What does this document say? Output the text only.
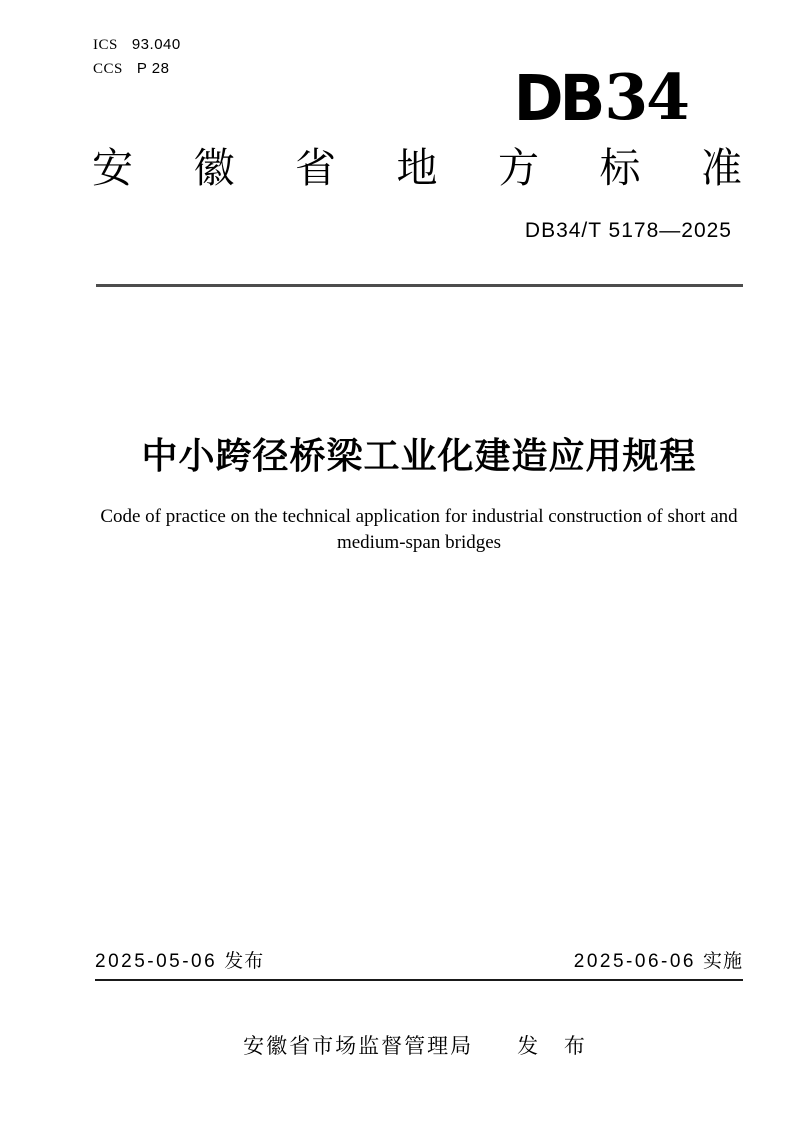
ICS 93.040
CCS P 28	DB34
安 徽 省 地 方 标 准
DB34/T 5178—2025
中小跨径桥梁工业化建造应用规程
Code of practice on the technical application for industrial construction of short and medium-span bridges
2025-05-06 发布	2025-06-06 实施
安徽省市场监督管理局 发 布
